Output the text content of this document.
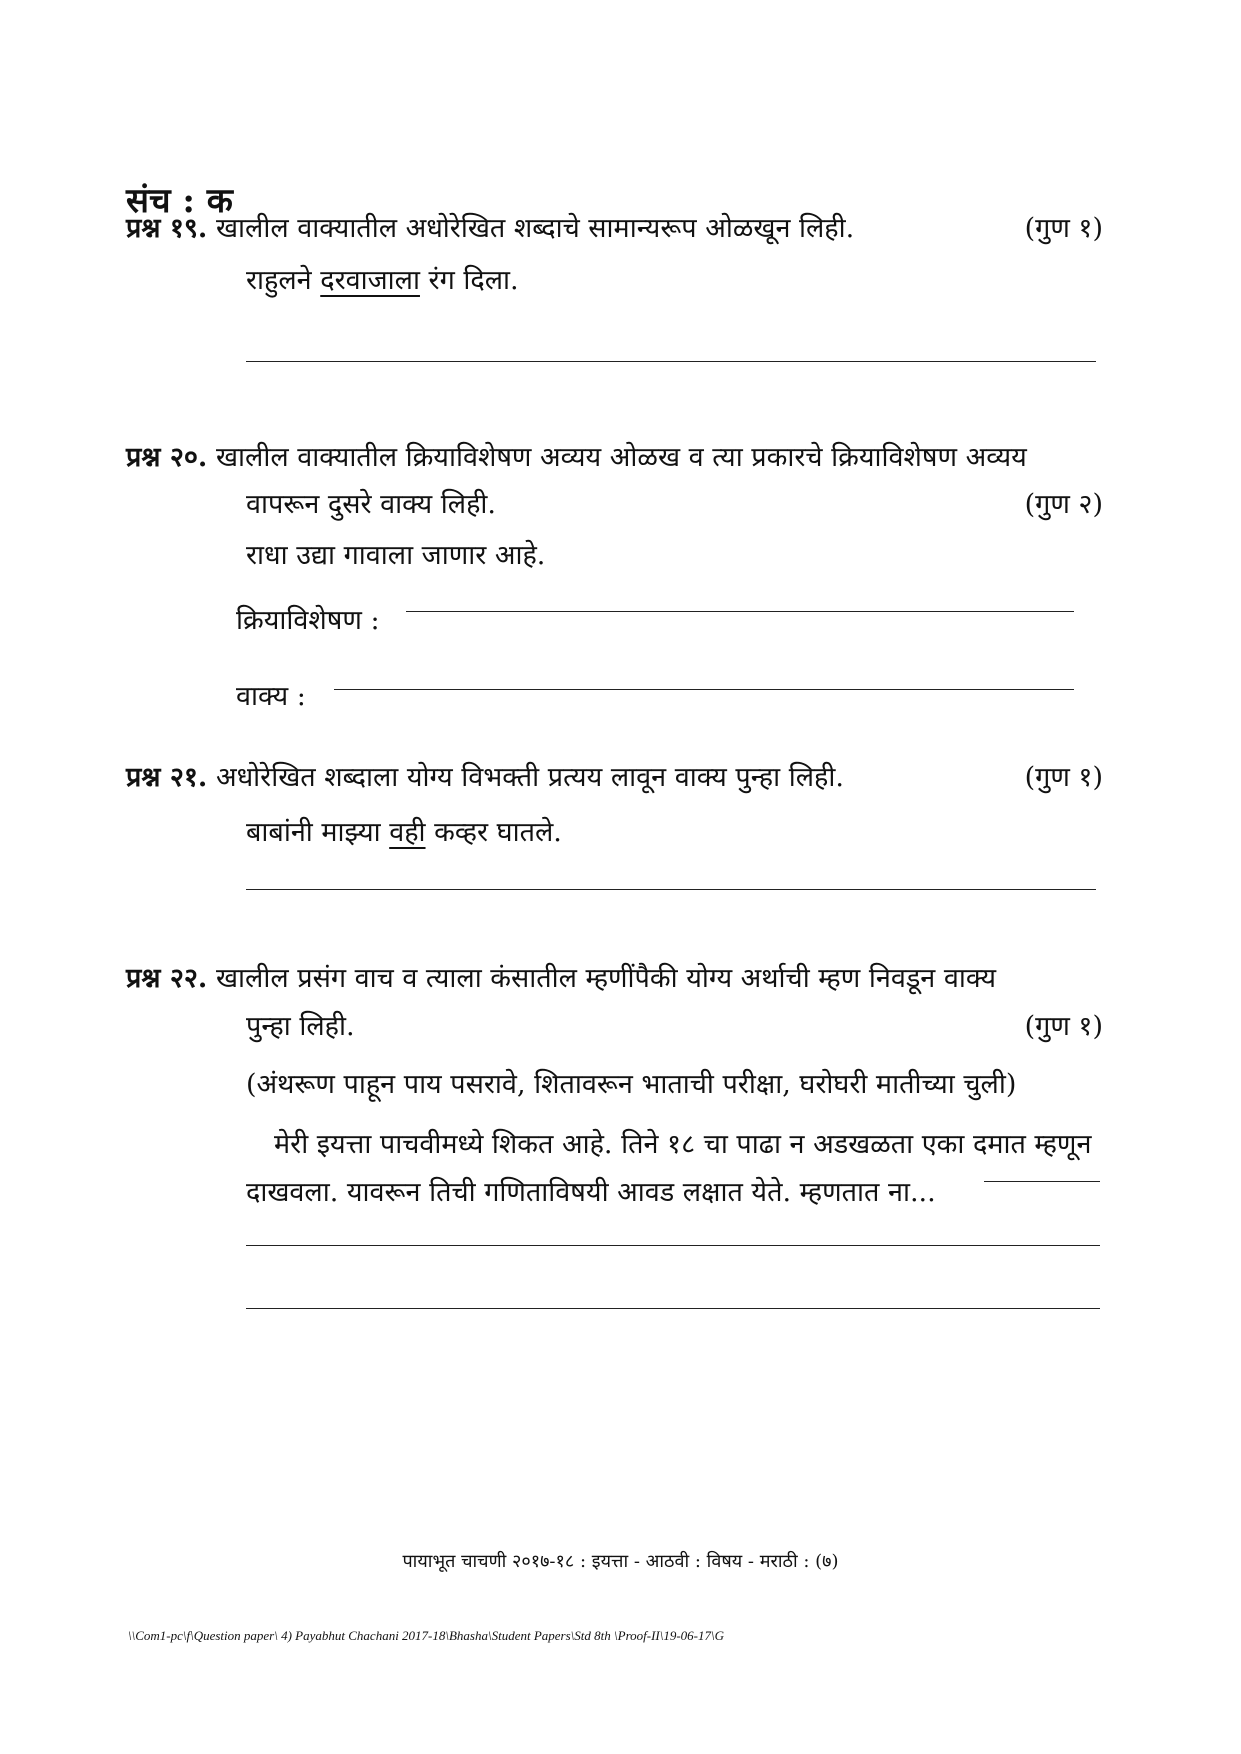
संच : क
प्रश्न १९. खालील वाक्यातील अधोरेखित शब्दाचे सामान्यरूप ओळखून लिही.	(गुण १)
राहुलने दरवाजाला रंग दिला.
प्रश्न २०. खालील वाक्यातील क्रियाविशेषण अव्यय ओळख व त्या प्रकारचे क्रियाविशेषण अव्यय
वापरून दुसरे वाक्य लिही.	(गुण २)
राधा उद्या गावाला जाणार आहे.
क्रियाविशेषण :
वाक्य :
प्रश्न २१. अधोरेखित शब्दाला योग्य विभक्ती प्रत्यय लावून वाक्य पुन्हा लिही.	(गुण १)
बाबांनी माझ्या वही कव्हर घातले.
प्रश्न २२. खालील प्रसंग वाच व त्याला कंसातील म्हणींपैकी योग्य अर्थाची म्हण निवडून वाक्य
पुन्हा लिही.	(गुण १)
(अंथरूण पाहून पाय पसरावे, शितावरून भाताची परीक्षा, घरोघरी मातीच्या चुली)
मेरी इयत्ता पाचवीमध्ये शिकत आहे. तिने १८ चा पाढा न अडखळता एका दमात म्हणून
दाखवला. यावरून तिची गणिताविषयी आवड लक्षात येते. म्हणतात ना...
पायाभूत चाचणी २०१७-१८ : इयत्ता - आठवी : विषय - मराठी : (७)
\\Com1-pc\f\Question paper\ 4) Payabhut Chachani 2017-18\Bhasha\Student Papers\Std 8th \Proof-II\19-06-17\G
